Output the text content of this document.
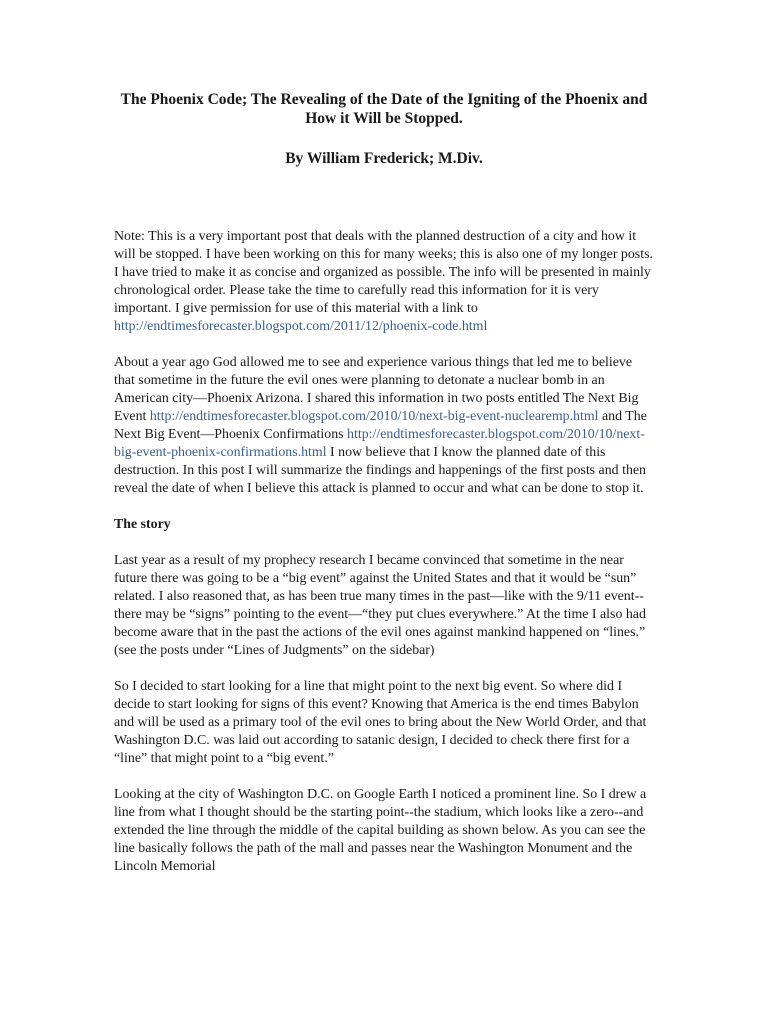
The Phoenix Code; The Revealing of the Date of the Igniting of the Phoenix and How it Will be Stopped.
By William Frederick; M.Div.

Note: This is a very important post that deals with the planned destruction of a city and how it will be stopped. I have been working on this for many weeks; this is also one of my longer posts. I have tried to make it as concise and organized as possible. The info will be presented in mainly chronological order. Please take the time to carefully read this information for it is very important. I give permission for use of this material with a link to http://endtimesforecaster.blogspot.com/2011/12/phoenix-code.html

About a year ago God allowed me to see and experience various things that led me to believe that sometime in the future the evil ones were planning to detonate a nuclear bomb in an American city—Phoenix Arizona. I shared this information in two posts entitled The Next Big Event http://endtimesforecaster.blogspot.com/2010/10/next-big-event-nuclearemp.html and The Next Big Event—Phoenix Confirmations http://endtimesforecaster.blogspot.com/2010/10/next-big-event-phoenix-confirmations.html I now believe that I know the planned date of this destruction. In this post I will summarize the findings and happenings of the first posts and then reveal the date of when I believe this attack is planned to occur and what can be done to stop it.

The story

Last year as a result of my prophecy research I became convinced that sometime in the near future there was going to be a “big event” against the United States and that it would be “sun” related. I also reasoned that, as has been true many times in the past—like with the 9/11 event--there may be “signs” pointing to the event—“they put clues everywhere.” At the time I also had become aware that in the past the actions of the evil ones against mankind happened on “lines.” (see the posts under “Lines of Judgments” on the sidebar)

So I decided to start looking for a line that might point to the next big event. So where did I decide to start looking for signs of this event? Knowing that America is the end times Babylon and will be used as a primary tool of the evil ones to bring about the New World Order, and that Washington D.C. was laid out according to satanic design, I decided to check there first for a “line” that might point to a “big event.”

Looking at the city of Washington D.C. on Google Earth I noticed a prominent line. So I drew a line from what I thought should be the starting point--the stadium, which looks like a zero--and extended the line through the middle of the capital building as shown below. As you can see the line basically follows the path of the mall and passes near the Washington Monument and the Lincoln Memorial
